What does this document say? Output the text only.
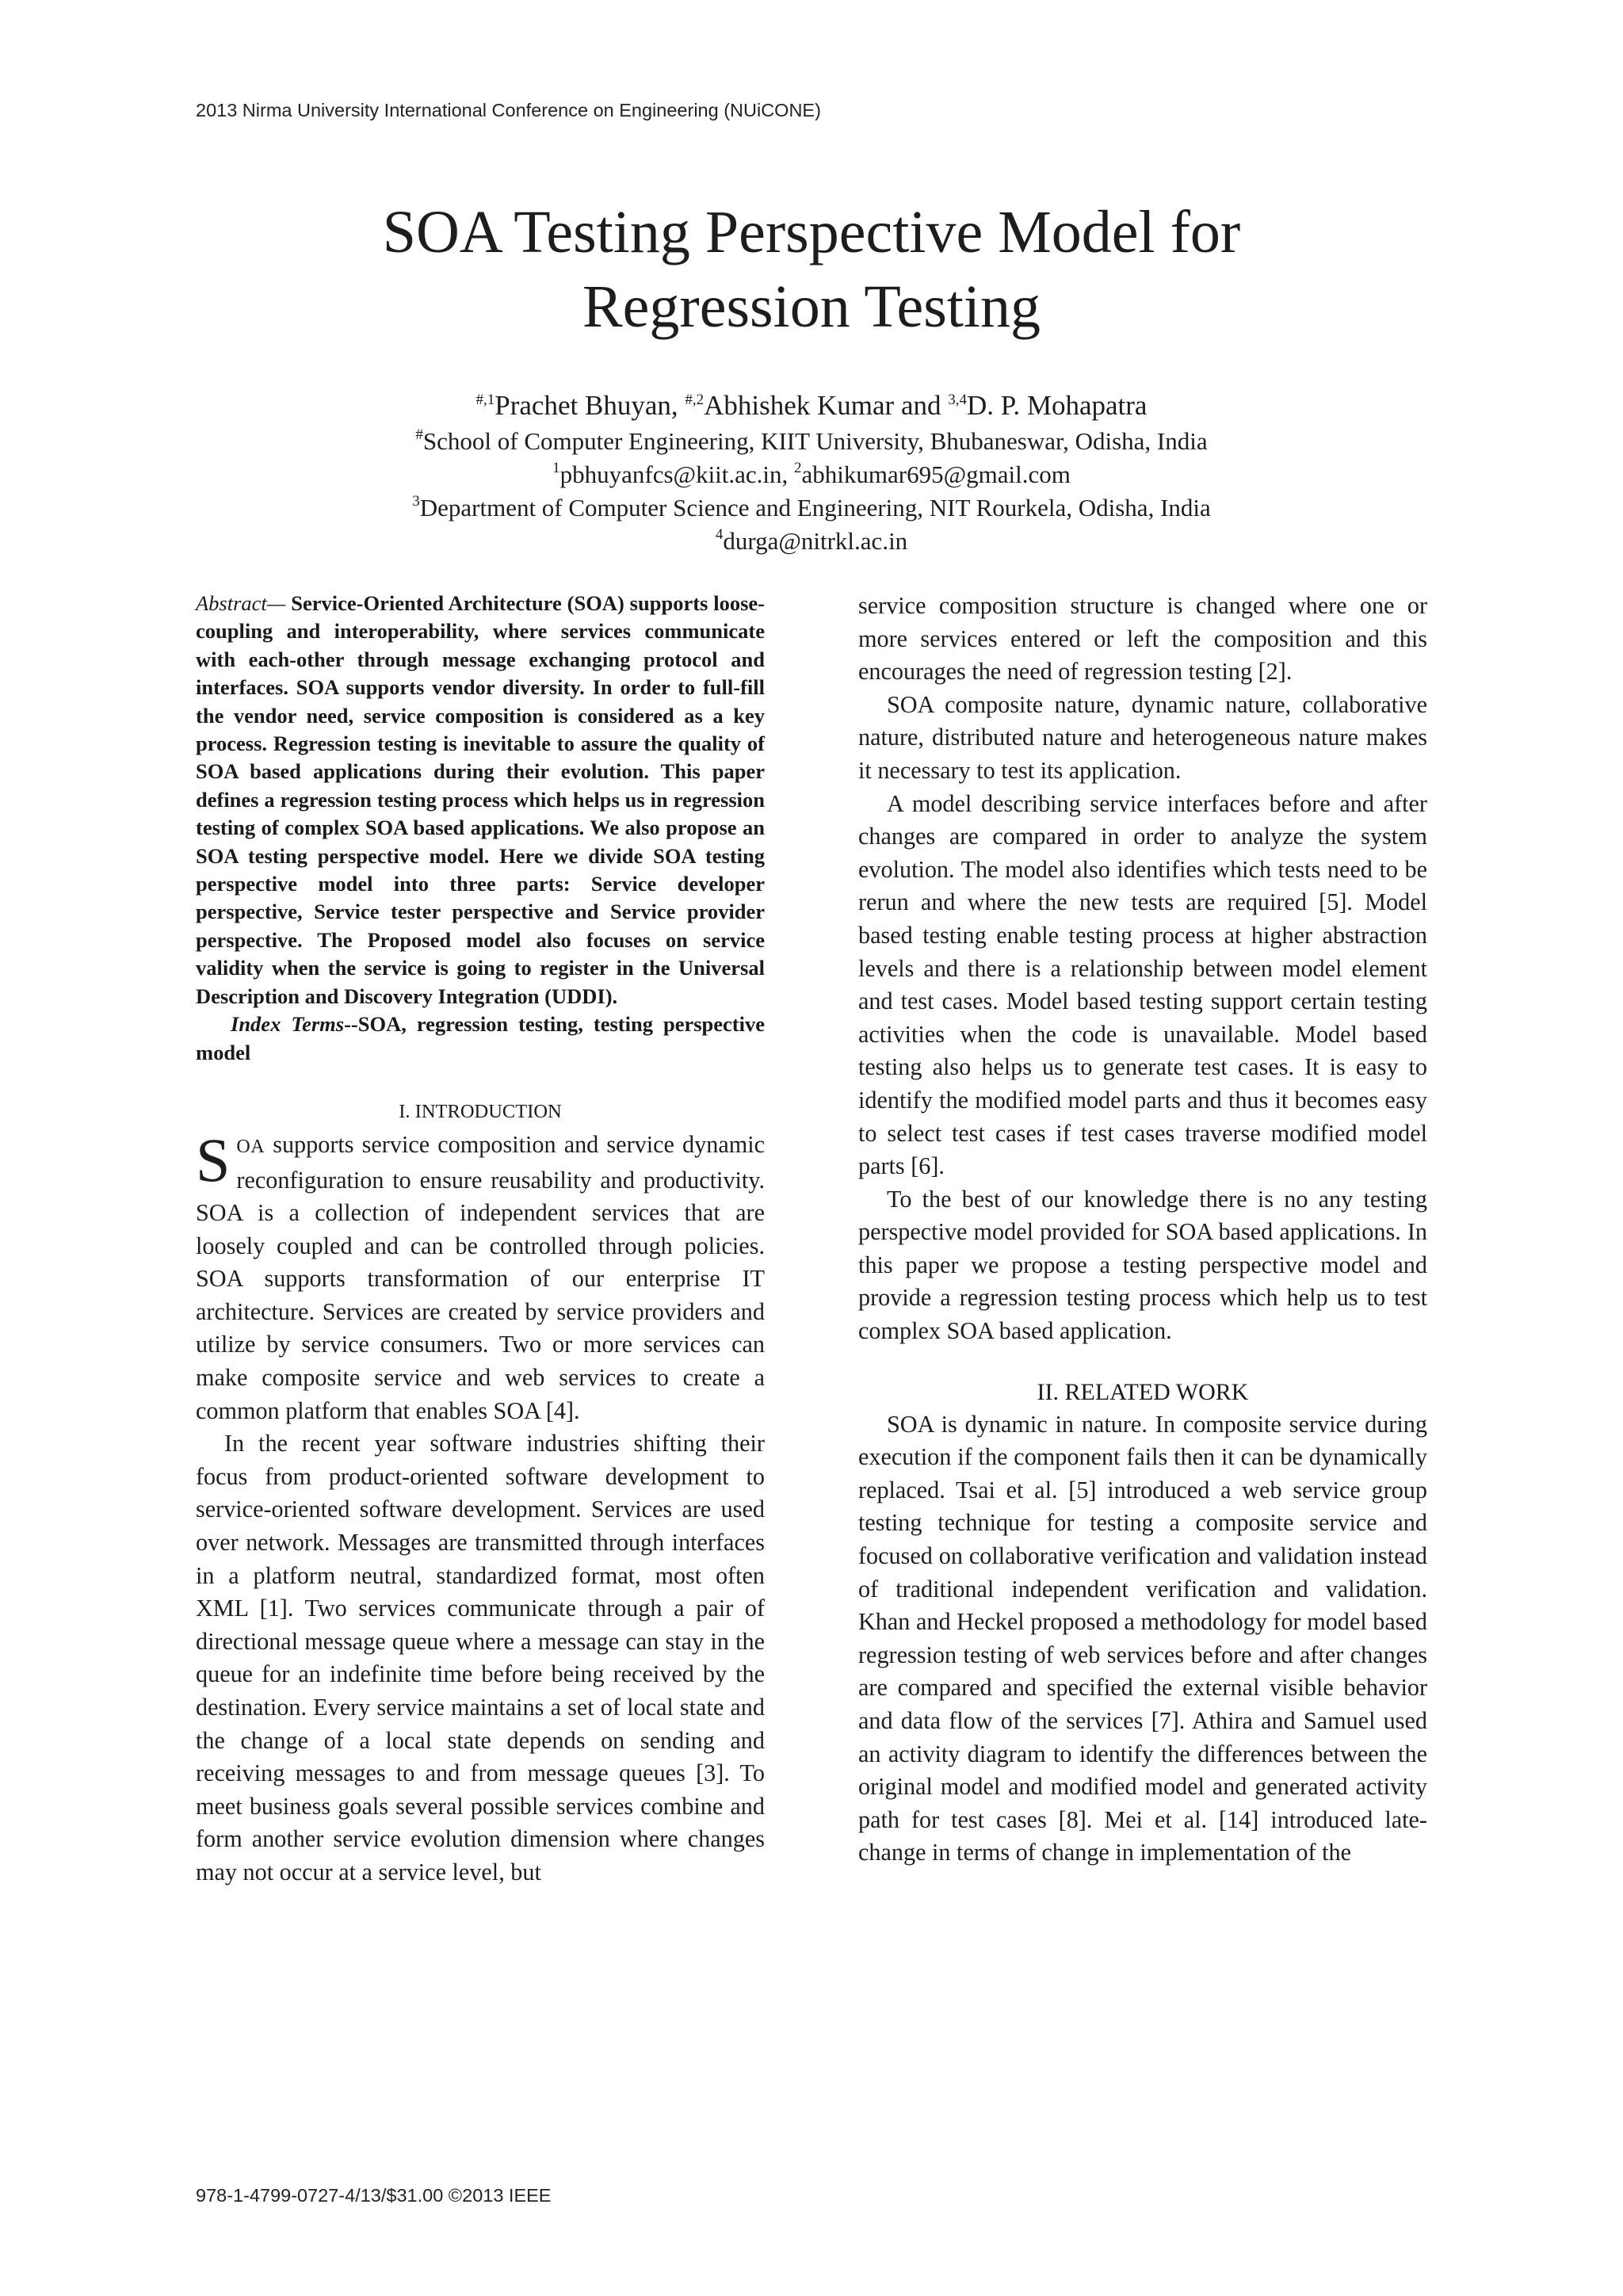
2013 Nirma University International Conference on Engineering (NUiCONE)
SOA Testing Perspective Model for
Regression Testing
$^{\#,1}$Prachet Bhuyan, $^{\#,2}$Abhishek Kumar and $^{3,4}$D. P. Mohapatra
#School of Computer Engineering, KIIT University, Bhubaneswar, Odisha, India
$^1$pbhuyanfcs@kiit.ac.in, $^2$abhikumar695@gmail.com
$^3$Department of Computer Science and Engineering, NIT Rourkela, Odisha, India
$^4$durga@nitrkl.ac.in

Abstract— Service-Oriented Architecture (SOA) supports loose-coupling and interoperability, where services communicate with each-other through message exchanging protocol and interfaces. SOA supports vendor diversity. In order to full-fill the vendor need, service composition is considered as a key process. Regression testing is inevitable to assure the quality of SOA based applications during their evolution. This paper defines a regression testing process which helps us in regression testing of complex SOA based applications. We also propose an SOA testing perspective model. Here we divide SOA testing perspective model into three parts: Service developer perspective, Service tester perspective and Service provider perspective. The Proposed model also focuses on service validity when the service is going to register in the Universal Description and Discovery Integration (UDDI).

Index Terms--SOA, regression testing, testing perspective model

I. INTRODUCTION

SOA supports service composition and service dynamic reconfiguration to ensure reusability and productivity. SOA is a collection of independent services that are loosely coupled and can be controlled through policies. SOA supports transformation of our enterprise IT architecture. Services are created by service providers and utilize by service consumers. Two or more services can make composite service and web services to create a common platform that enables SOA [4].

In the recent year software industries shifting their focus from product-oriented software development to service-oriented software development. Services are used over network. Messages are transmitted through interfaces in a platform neutral, standardized format, most often XML [1]. Two services communicate through a pair of directional message queue where a message can stay in the queue for an indefinite time before being received by the destination. Every service maintains a set of local state and the change of a local state depends on sending and receiving messages to and from message queues [3]. To meet business goals several possible services combine and form another service evolution dimension where changes may not occur at a service level, but

service composition structure is changed where one or more services entered or left the composition and this encourages the need of regression testing [2].

SOA composite nature, dynamic nature, collaborative nature, distributed nature and heterogeneous nature makes it necessary to test its application.

A model describing service interfaces before and after changes are compared in order to analyze the system evolution. The model also identifies which tests need to be rerun and where the new tests are required [5]. Model based testing enable testing process at higher abstraction levels and there is a relationship between model element and test cases. Model based testing support certain testing activities when the code is unavailable. Model based testing also helps us to generate test cases. It is easy to identify the modified model parts and thus it becomes easy to select test cases if test cases traverse modified model parts [6].

To the best of our knowledge there is no any testing perspective model provided for SOA based applications. In this paper we propose a testing perspective model and provide a regression testing process which help us to test complex SOA based application.

II. RELATED WORK

SOA is dynamic in nature. In composite service during execution if the component fails then it can be dynamically replaced. Tsai et al. [5] introduced a web service group testing technique for testing a composite service and focused on collaborative verification and validation instead of traditional independent verification and validation. Khan and Heckel proposed a methodology for model based regression testing of web services before and after changes are compared and specified the external visible behavior and data flow of the services [7]. Athira and Samuel used an activity diagram to identify the differences between the original model and modified model and generated activity path for test cases [8]. Mei et al. [14] introduced late-change in terms of change in implementation of the

978-1-4799-0727-4/13/$31.00 ©2013 IEEE
